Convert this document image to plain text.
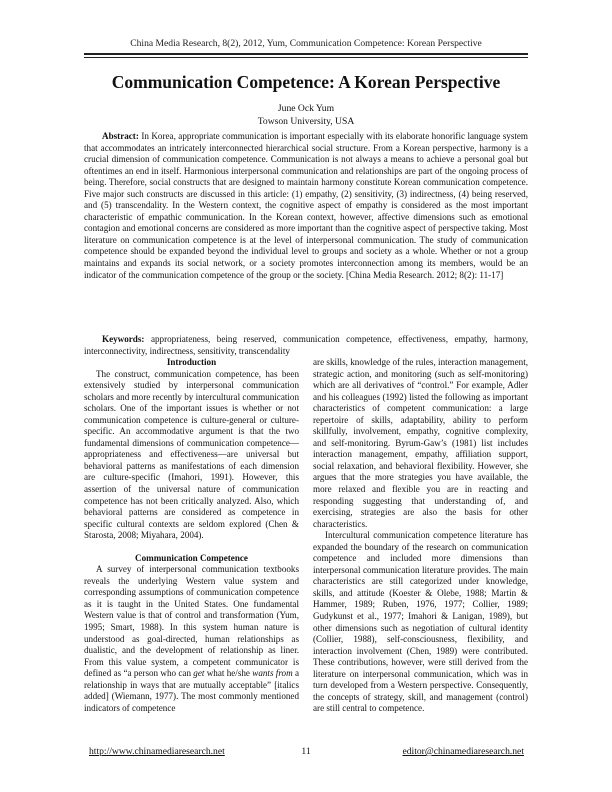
China Media Research, 8(2), 2012, Yum, Communication Competence: Korean Perspective
Communication Competence: A Korean Perspective
June Ock Yum
Towson University, USA

Abstract: In Korea, appropriate communication is important especially with its elaborate honorific language system that accommodates an intricately interconnected hierarchical social structure. From a Korean perspective, harmony is a crucial dimension of communication competence. Communication is not always a means to achieve a personal goal but oftentimes an end in itself. Harmonious interpersonal communication and relationships are part of the ongoing process of being. Therefore, social constructs that are designed to maintain harmony constitute Korean communication competence. Five major such constructs are discussed in this article: (1) empathy, (2) sensitivity, (3) indirectness, (4) being reserved, and (5) transcendality. In the Western context, the cognitive aspect of empathy is considered as the most important characteristic of empathic communication. In the Korean context, however, affective dimensions such as emotional contagion and emotional concerns are considered as more important than the cognitive aspect of perspective taking. Most literature on communication competence is at the level of interpersonal communication. The study of communication competence should be expanded beyond the individual level to groups and society as a whole. Whether or not a group maintains and expands its social network, or a society promotes interconnection among its members, would be an indicator of the communication competence of the group or the society. [China Media Research. 2012; 8(2): 11-17]

Keywords: appropriateness, being reserved, communication competence, effectiveness, empathy, harmony, interconnectivity, indirectness, sensitivity, transcendality

Introduction

The construct, communication competence, has been extensively studied by interpersonal communication scholars and more recently by intercultural communication scholars. One of the important issues is whether or not communication competence is culture-general or culture-specific. An accommodative argument is that the two fundamental dimensions of communication competence—appropriateness and effectiveness—are universal but behavioral patterns as manifestations of each dimension are culture-specific (Imahori, 1991). However, this assertion of the universal nature of communication competence has not been critically analyzed. Also, which behavioral patterns are considered as competence in specific cultural contexts are seldom explored (Chen & Starosta, 2008; Miyahara, 2004).

Communication Competence

A survey of interpersonal communication textbooks reveals the underlying Western value system and corresponding assumptions of communication competence as it is taught in the United States. One fundamental Western value is that of control and transformation (Yum, 1995; Smart, 1988). In this system human nature is understood as goal-directed, human relationships as dualistic, and the development of relationship as liner. From this value system, a competent communicator is defined as “a person who can get what he/she wants from a relationship in ways that are mutually acceptable” [italics added] (Wiemann, 1977). The most commonly mentioned indicators of competence

are skills, knowledge of the rules, interaction management, strategic action, and monitoring (such as self-monitoring) which are all derivatives of “control.” For example, Adler and his colleagues (1992) listed the following as important characteristics of competent communication: a large repertoire of skills, adaptability, ability to perform skillfully, involvement, empathy, cognitive complexity, and self-monitoring. Byrum-Gaw’s (1981) list includes interaction management, empathy, affiliation support, social relaxation, and behavioral flexibility. However, she argues that the more strategies you have available, the more relaxed and flexible you are in reacting and responding suggesting that understanding of, and exercising, strategies are also the basis for other characteristics.

Intercultural communication competence literature has expanded the boundary of the research on communication competence and included more dimensions than interpersonal communication literature provides. The main characteristics are still categorized under knowledge, skills, and attitude (Koester & Olebe, 1988; Martin & Hammer, 1989; Ruben, 1976, 1977; Collier, 1989; Gudykunst et al., 1977; Imahori & Lanigan, 1989), but other dimensions such as negotiation of cultural identity (Collier, 1988), self-consciousness, flexibility, and interaction involvement (Chen, 1989) were contributed. These contributions, however, were still derived from the literature on interpersonal communication, which was in turn developed from a Western perspective. Consequently, the concepts of strategy, skill, and management (control) are still central to competence.

http://www.chinamediaresearch.net	11	editor@chinamediaresearch.net
